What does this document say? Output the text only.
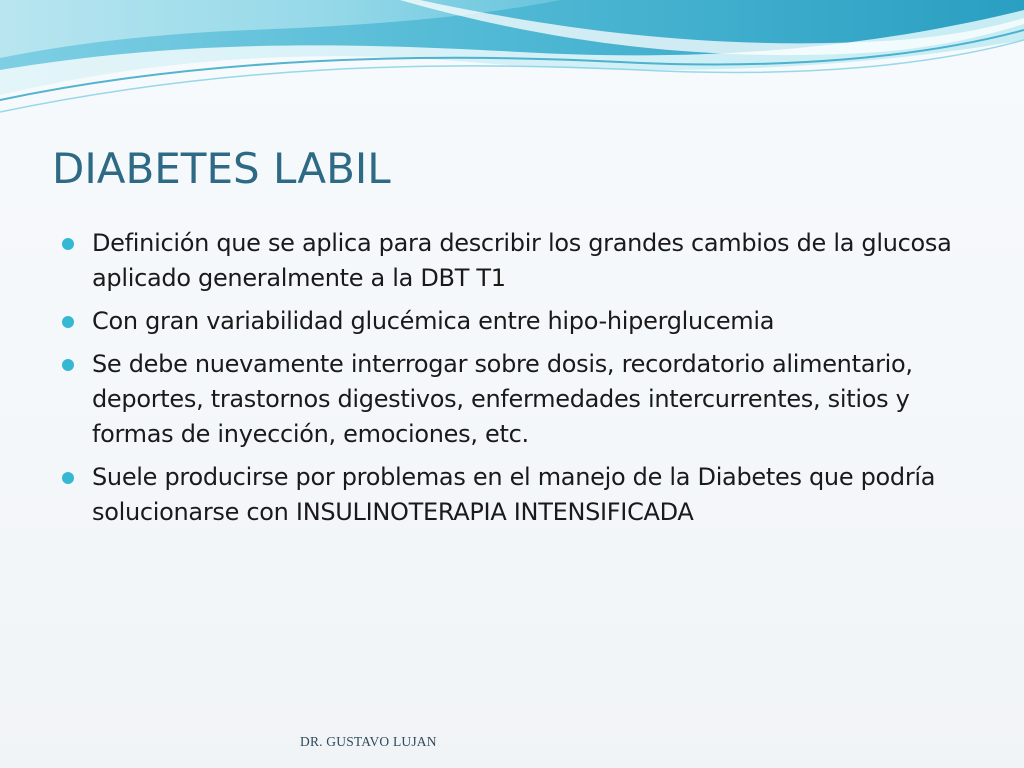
DIABETES LABIL
Definición que se aplica para describir los grandes cambios de la glucosa aplicado generalmente a la DBT T1
Con gran variabilidad glucémica entre hipo-hiperglucemia
Se debe nuevamente interrogar sobre dosis, recordatorio alimentario, deportes, trastornos digestivos, enfermedades intercurrentes, sitios y formas de inyección, emociones, etc.
Suele producirse por problemas en el manejo de la Diabetes que podría solucionarse con INSULINOTERAPIA INTENSIFICADA
DR. GUSTAVO LUJAN
